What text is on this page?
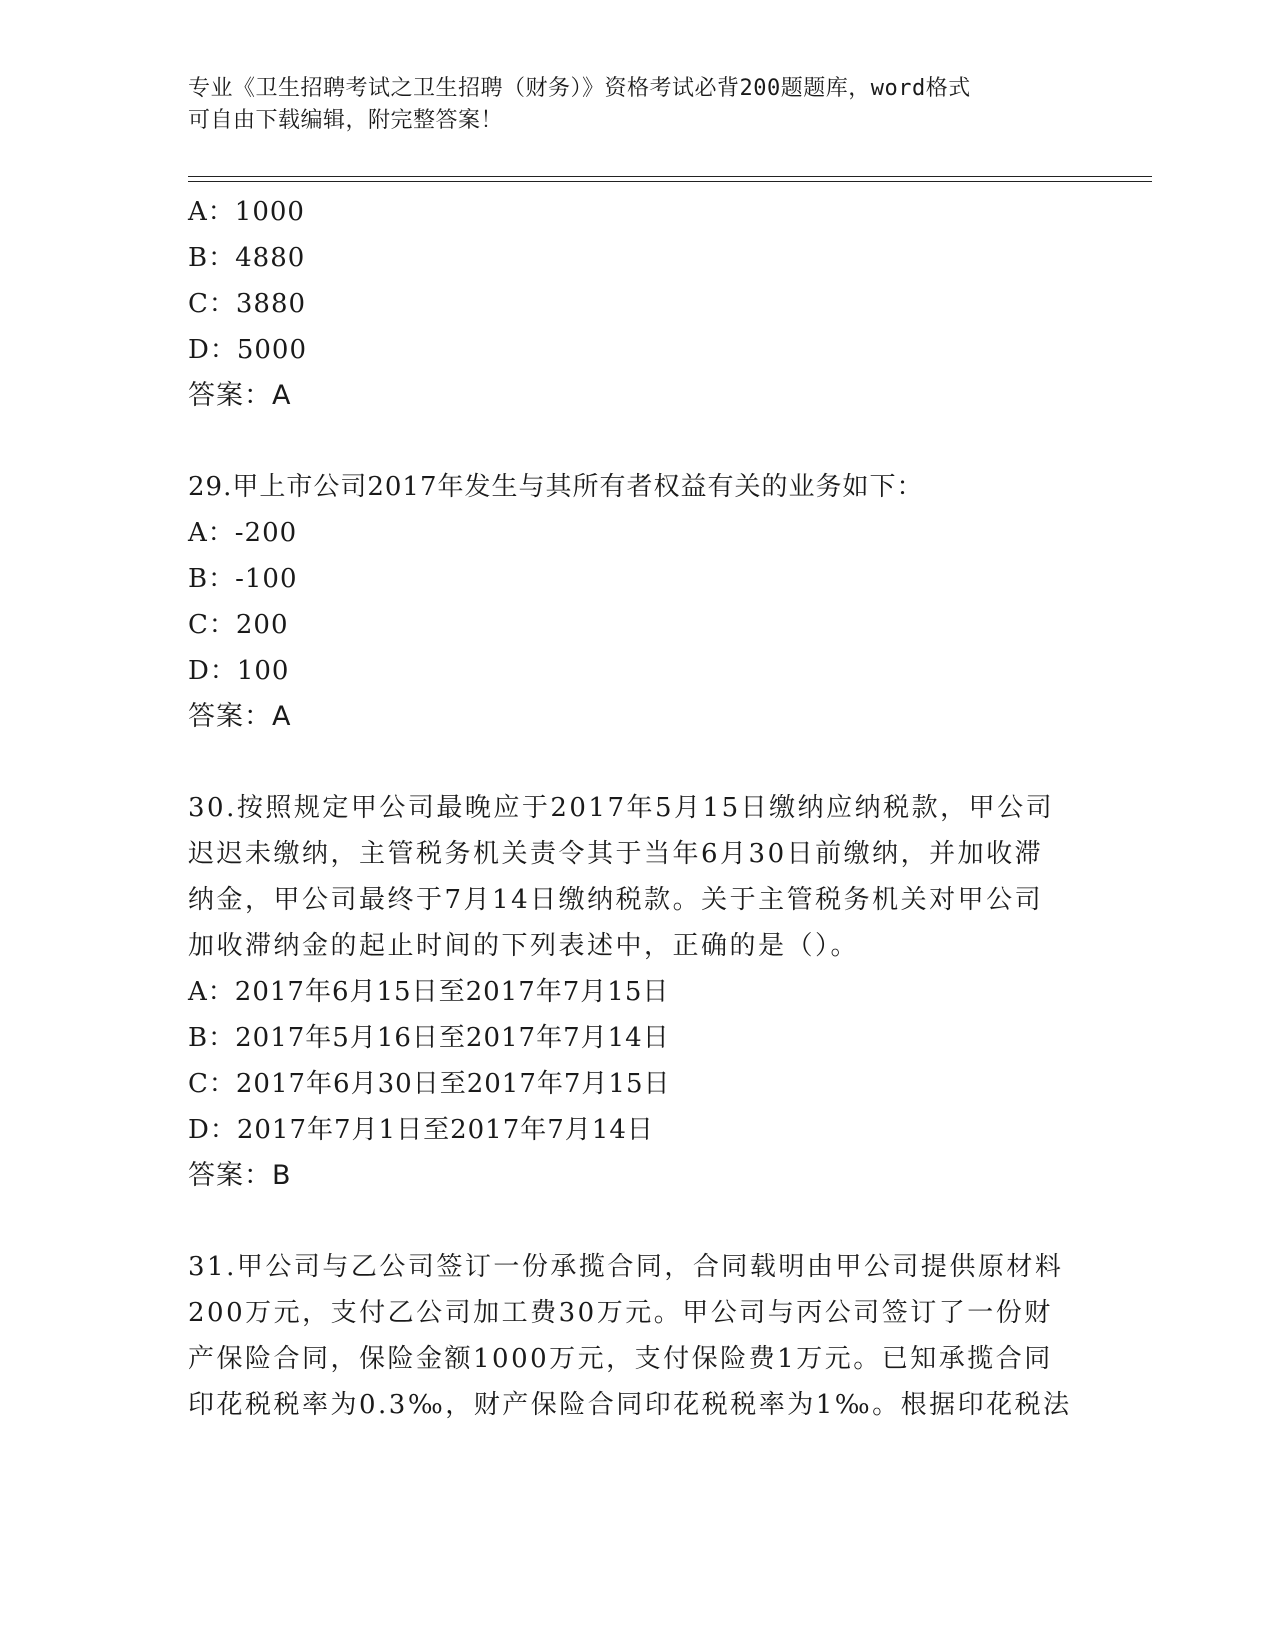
专业《卫生招聘考试之卫生招聘（财务）》资格考试必背200题题库，word格式
可自由下载编辑，附完整答案！
A：1000
B：4880
C：3880
D：5000
答案：A
29.甲上市公司2017年发生与其所有者权益有关的业务如下：
A：-200
B：-100
C：200
D：100
答案：A
30.按照规定甲公司最晚应于2017年5月15日缴纳应纳税款，甲公司
迟迟未缴纳，主管税务机关责令其于当年6月30日前缴纳，并加收滞
纳金，甲公司最终于7月14日缴纳税款。关于主管税务机关对甲公司
加收滞纳金的起止时间的下列表述中，正确的是（）。
A：2017年6月15日至2017年7月15日
B：2017年5月16日至2017年7月14日
C：2017年6月30日至2017年7月15日
D：2017年7月1日至2017年7月14日
答案：B
31.甲公司与乙公司签订一份承揽合同，合同载明由甲公司提供原材料
200万元，支付乙公司加工费30万元。甲公司与丙公司签订了一份财
产保险合同，保险金额1000万元，支付保险费1万元。已知承揽合同
印花税税率为0.3‰，财产保险合同印花税税率为1‰。根据印花税法
